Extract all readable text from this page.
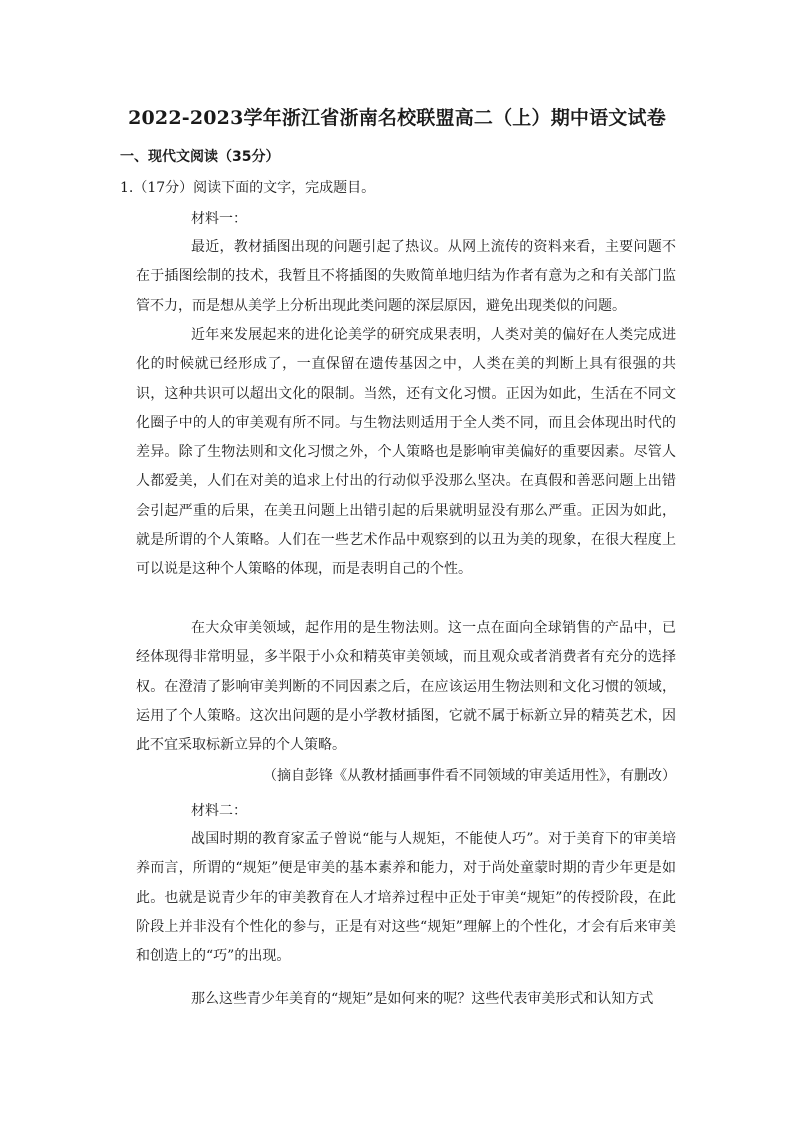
2022-2023学年浙江省浙南名校联盟高二（上）期中语文试卷
一、现代文阅读（35分）
1.（17分）阅读下面的文字，完成题目。
材料一：
最近，教材插图出现的问题引起了热议。从网上流传的资料来看，主要问题不在于插图绘制的技术，我暂且不将插图的失败简单地归结为作者有意为之和有关部门监管不力，而是想从美学上分析出现此类问题的深层原因，避免出现类似的问题。
近年来发展起来的进化论美学的研究成果表明，人类对美的偏好在人类完成进化的时候就已经形成了，一直保留在遗传基因之中，人类在美的判断上具有很强的共识，这种共识可以超出文化的限制。当然，还有文化习惯。正因为如此，生活在不同文化圈子中的人的审美观有所不同。与生物法则适用于全人类不同，而且会体现出时代的差异。除了生物法则和文化习惯之外，个人策略也是影响审美偏好的重要因素。尽管人人都爱美，人们在对美的追求上付出的行动似乎没那么坚决。在真假和善恶问题上出错会引起严重的后果，在美丑问题上出错引起的后果就明显没有那么严重。正因为如此，就是所谓的个人策略。人们在一些艺术作品中观察到的以丑为美的现象，在很大程度上可以说是这种个人策略的体现，而是表明自己的个性。
在大众审美领域，起作用的是生物法则。这一点在面向全球销售的产品中，已经体现得非常明显，多半限于小众和精英审美领域，而且观众或者消费者有充分的选择权。在澄清了影响审美判断的不同因素之后，在应该运用生物法则和文化习惯的领域，运用了个人策略。这次出问题的是小学教材插图，它就不属于标新立异的精英艺术，因此不宜采取标新立异的个人策略。
（摘自彭锋《从教材插画事件看不同领域的审美适用性》，有删改）
材料二：
战国时期的教育家孟子曾说“能与人规矩，不能使人巧”。对于美育下的审美培养而言，所谓的“规矩”便是审美的基本素养和能力，对于尚处童蒙时期的青少年更是如此。也就是说青少年的审美教育在人才培养过程中正处于审美“规矩”的传授阶段，在此阶段上并非没有个性化的参与，正是有对这些“规矩”理解上的个性化，才会有后来审美和创造上的“巧”的出现。
那么这些青少年美育的“规矩”是如何来的呢？这些代表审美形式和认知方式
